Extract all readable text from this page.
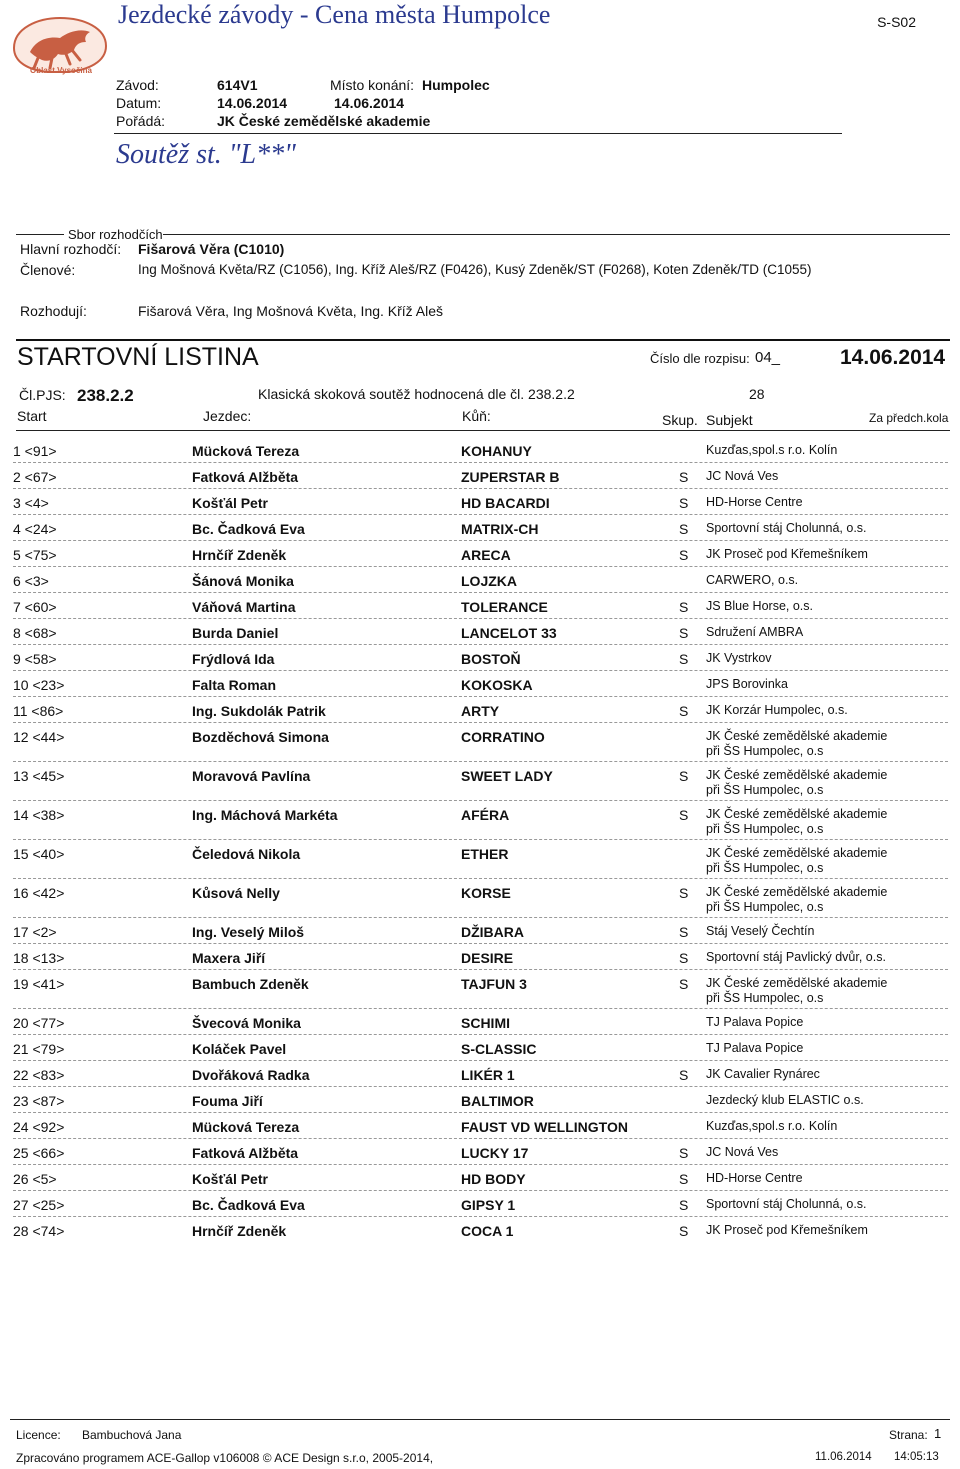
Jezdecké závody - Cena města Humpolce	S-S02
Oblast Vysočina
Závod:	614V1	Místo konání: Humpolec
Datum:	14.06.2014	14.06.2014
Pořádá:	JK České zemědělské akademie
Soutěž st. "L**"
Sbor rozhodčích
Hlavní rozhodčí: Fišarová Věra (C1010)
Členové:	Ing Mošnová Květa/RZ (C1056), Ing. Kříž Aleš/RZ (F0426), Kusý Zdeněk/ST (F0268), Koten Zdeněk/TD (C1055)
Rozhodují:	Fišarová Věra, Ing Mošnová Květa, Ing. Kříž Aleš
STARTOVNÍ LISTINA	Číslo dle rozpisu: 04_	14.06.2014
Čl.PJS: 238.2.2	Klasická skoková soutěž hodnocená dle čl. 238.2.2	28
Start	Jezdec:	Kůň:	Skup. Subjekt	Za předch.kola
1 <91>	Mücková Tereza	KOHANUY	Kuzďas,spol.s r.o. Kolín
2 <67>	Fatková Alžběta	ZUPERSTAR B	S JC Nová Ves
3 <4>	Košťál Petr	HD BACARDI	S HD-Horse Centre
4 <24>	Bc. Čadková Eva	MATRIX-CH	S Sportovní stáj Cholunná, o.s.
5 <75>	Hrnčíř Zdeněk	ARECA	S JK Proseč pod Křemešníkem
6 <3>	Šánová Monika	LOJZKA	CARWERO, o.s.
7 <60>	Váňová Martina	TOLERANCE	S JS Blue Horse, o.s.
8 <68>	Burda Daniel	LANCELOT 33	S Sdružení AMBRA
9 <58>	Frýdlová Ida	BOSTOŇ	S JK Vystrkov
10 <23>	Falta Roman	KOKOSKA	JPS Borovinka
11 <86>	Ing. Sukdolák Patrik	ARTY	S JK Korzár Humpolec, o.s.
12 <44>	Bozděchová Simona	CORRATINO	JK České zemědělské akademie
při ŠS Humpolec, o.s
13 <45>	Moravová Pavlína	SWEET LADY	S JK České zemědělské akademie
při ŠS Humpolec, o.s
14 <38>	Ing. Máchová Markéta	AFÉRA	S JK České zemědělské akademie
při ŠS Humpolec, o.s
15 <40>	Čeledová Nikola	ETHER	JK České zemědělské akademie
při ŠS Humpolec, o.s
16 <42>	Kůsová Nelly	KORSE	S JK České zemědělské akademie
při ŠS Humpolec, o.s
17 <2>	Ing. Veselý Miloš	DŽIBARA	S Stáj Veselý Čechtín
18 <13>	Maxera Jiří	DESIRE	S Sportovní stáj Pavlický dvůr, o.s.
19 <41>	Bambuch Zdeněk	TAJFUN 3	S JK České zemědělské akademie
při ŠS Humpolec, o.s
20 <77>	Švecová Monika	SCHIMI	TJ Palava Popice
21 <79>	Koláček Pavel	S-CLASSIC	TJ Palava Popice
22 <83>	Dvořáková Radka	LIKÉR 1	S JK Cavalier Rynárec
23 <87>	Fouma Jiří	BALTIMOR	Jezdecký klub ELASTIC o.s.
24 <92>	Mücková Tereza	FAUST VD WELLINGTON	Kuzďas,spol.s r.o. Kolín
25 <66>	Fatková Alžběta	LUCKY 17	S JC Nová Ves
26 <5>	Košťál Petr	HD BODY	S HD-Horse Centre
27 <25>	Bc. Čadková Eva	GIPSY 1	S Sportovní stáj Cholunná, o.s.
28 <74>	Hrnčíř Zdeněk	COCA 1	S JK Proseč pod Křemešníkem
Licence: Bambuchová Jana	Strana: 1
Zpracováno programem ACE-Gallop v106008 © ACE Design s.r.o, 2005-2014,	11.06.2014 14:05:13
